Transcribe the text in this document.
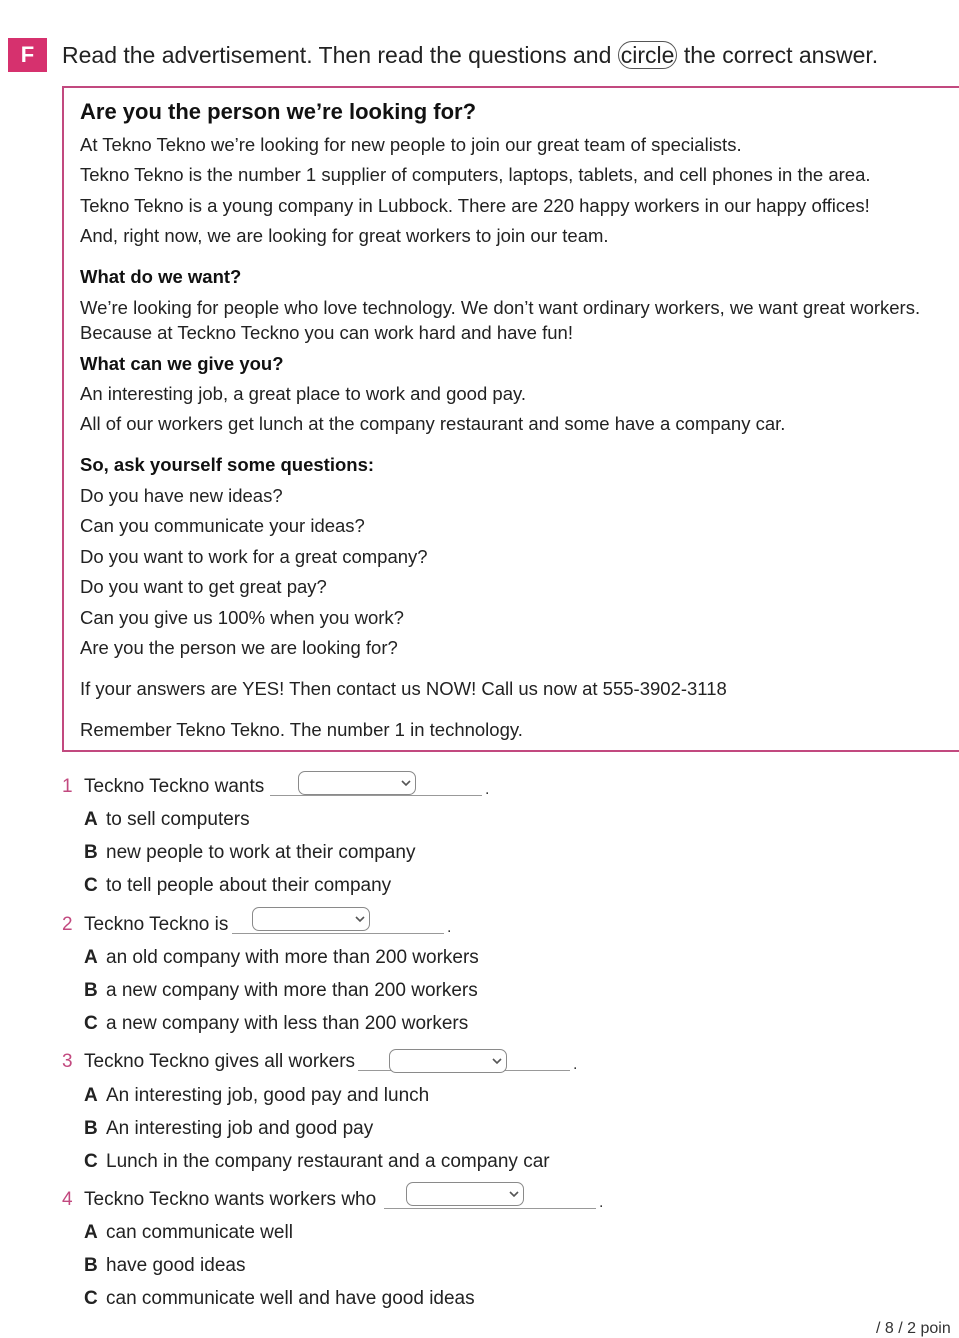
F	Read the advertisement. Then read the questions and circle the correct answer.
Are you the person we’re looking for?
At Tekno Tekno we’re looking for new people to join our great team of specialists.
Tekno Tekno is the number 1 supplier of computers, laptops, tablets, and cell phones in the area.
Tekno Tekno is a young company in Lubbock. There are 220 happy workers in our happy offices!
And, right now, we are looking for great workers to join our team.
What do we want?
We’re looking for people who love technology. We don’t want ordinary workers, we want great workers.
Because at Teckno Teckno you can work hard and have fun!
What can we give you?
An interesting job, a great place to work and good pay.
All of our workers get lunch at the company restaurant and some have a company car.
So, ask yourself some questions:
Do you have new ideas?
Can you communicate your ideas?
Do you want to work for a great company?
Do you want to get great pay?
Can you give us 100% when you work?
Are you the person we are looking for?
If your answers are YES! Then contact us NOW! Call us now at 555-3902-3118
Remember Tekno Tekno. The number 1 in technology.
1 Teckno Teckno wants	.
A to sell computers
B new people to work at their company
C to tell people about their company
2 Teckno Teckno is	.
A an old company with more than 200 workers
B a new company with more than 200 workers
C a new company with less than 200 workers
3 Teckno Teckno gives all workers	.
A An interesting job, good pay and lunch
B An interesting job and good pay
C Lunch in the company restaurant and a company car
4 Teckno Teckno wants workers who	.
A can communicate well
B have good ideas
C can communicate well and have good ideas
/ 8 / 2 poin
